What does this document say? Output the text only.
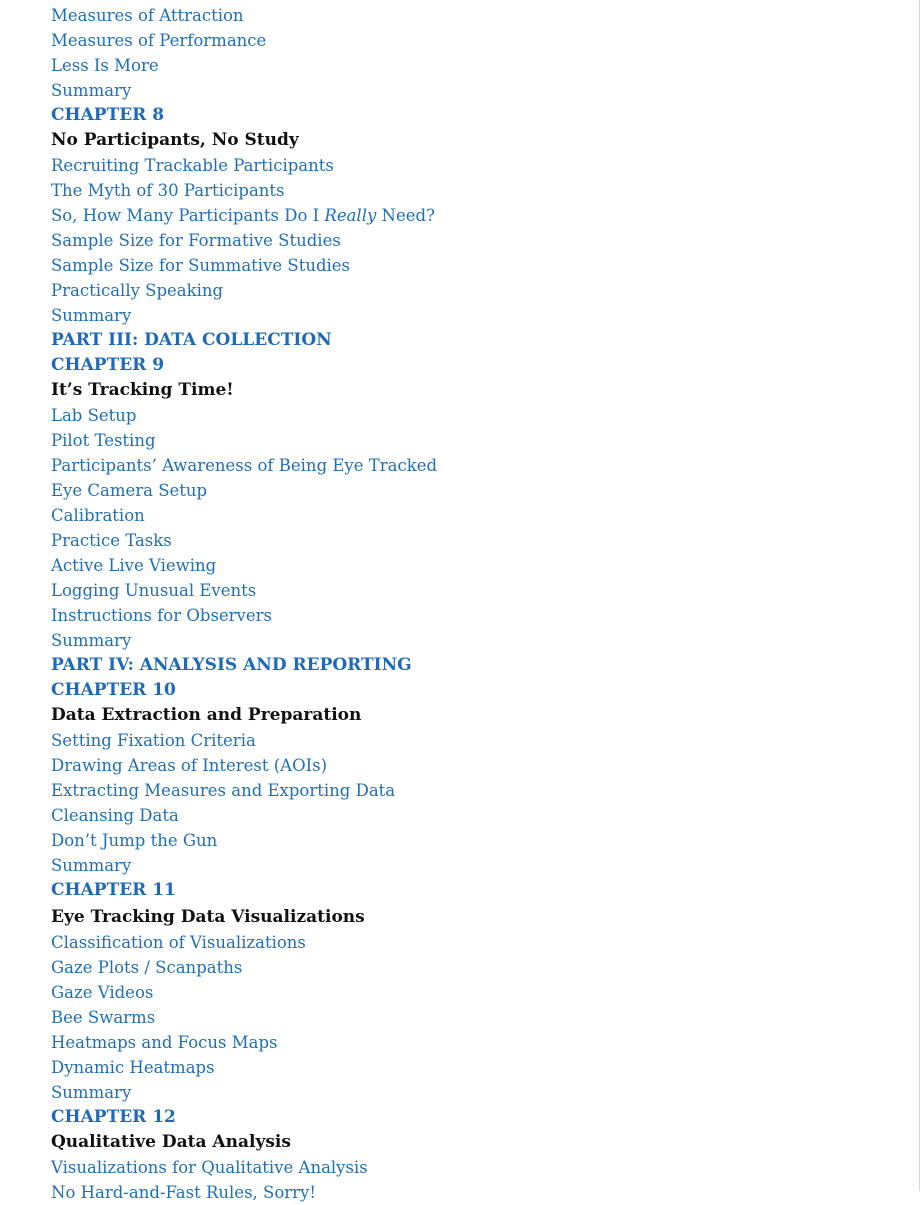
Measures of Attraction
Measures of Performance
Less Is More
Summary
CHAPTER 8
No Participants, No Study
Recruiting Trackable Participants
The Myth of 30 Participants
So, How Many Participants Do I Really Need?
Sample Size for Formative Studies
Sample Size for Summative Studies
Practically Speaking
Summary
PART III: DATA COLLECTION
CHAPTER 9
It’s Tracking Time!
Lab Setup
Pilot Testing
Participants’ Awareness of Being Eye Tracked
Eye Camera Setup
Calibration
Practice Tasks
Active Live Viewing
Logging Unusual Events
Instructions for Observers
Summary
PART IV: ANALYSIS AND REPORTING
CHAPTER 10
Data Extraction and Preparation
Setting Fixation Criteria
Drawing Areas of Interest (AOIs)
Extracting Measures and Exporting Data
Cleansing Data
Don’t Jump the Gun
Summary
CHAPTER 11
Eye Tracking Data Visualizations
Classification of Visualizations
Gaze Plots / Scanpaths
Gaze Videos
Bee Swarms
Heatmaps and Focus Maps
Dynamic Heatmaps
Summary
CHAPTER 12
Qualitative Data Analysis
Visualizations for Qualitative Analysis
No Hard-and-Fast Rules, Sorry!
